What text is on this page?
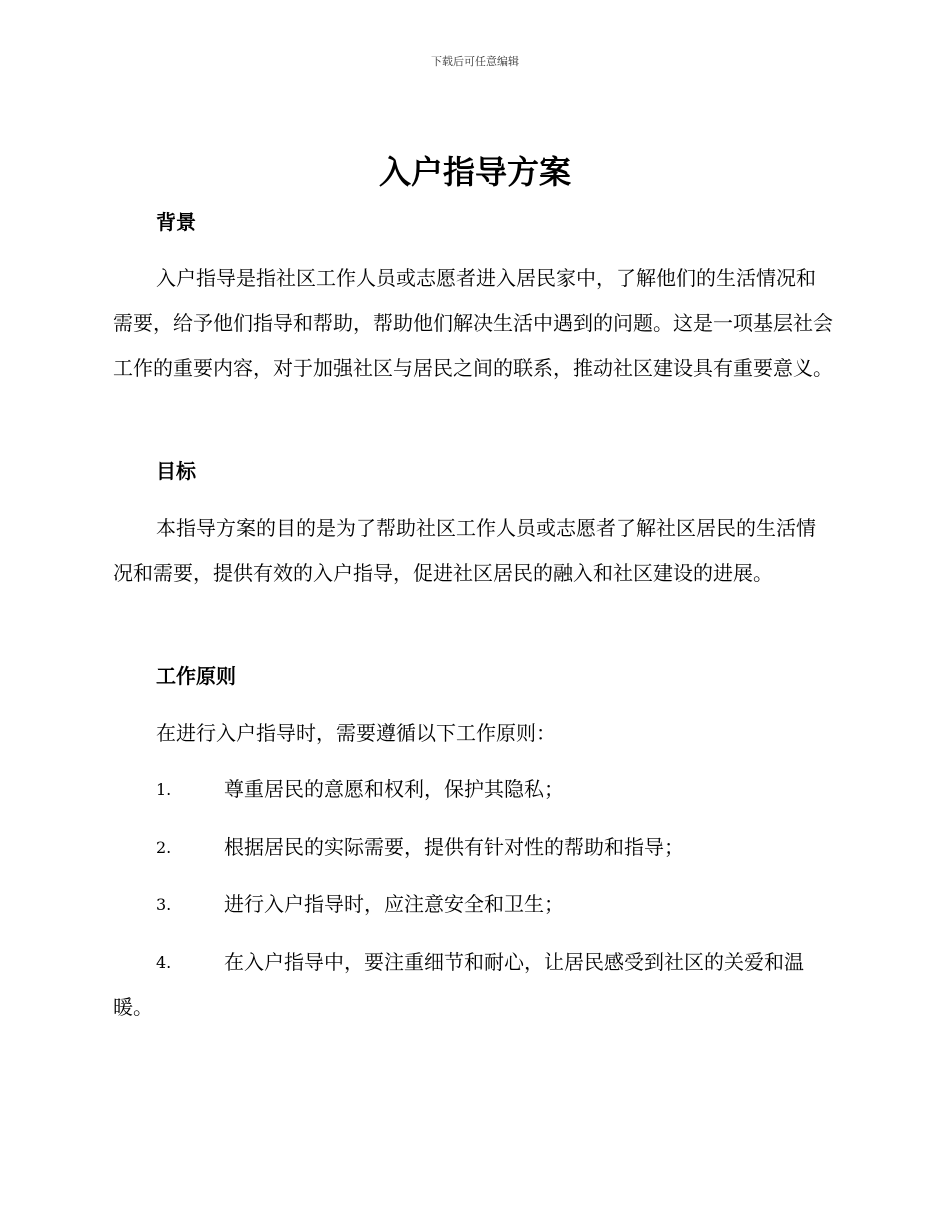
下载后可任意编辑
入户指导方案
背景

入户指导是指社区工作人员或志愿者进入居民家中，了解他们的生活情况和需要，给予他们指导和帮助，帮助他们解决生活中遇到的问题。这是一项基层社会工作的重要内容，对于加强社区与居民之间的联系，推动社区建设具有重要意义。

目标

本指导方案的目的是为了帮助社区工作人员或志愿者了解社区居民的生活情况和需要，提供有效的入户指导，促进社区居民的融入和社区建设的进展。

工作原则

在进行入户指导时，需要遵循以下工作原则：

1.	尊重居民的意愿和权利，保护其隐私；
2.	根据居民的实际需要，提供有针对性的帮助和指导；
3.	进行入户指导时，应注意安全和卫生；
4.	在入户指导中，要注重细节和耐心，让居民感受到社区的关爱和温暖。
